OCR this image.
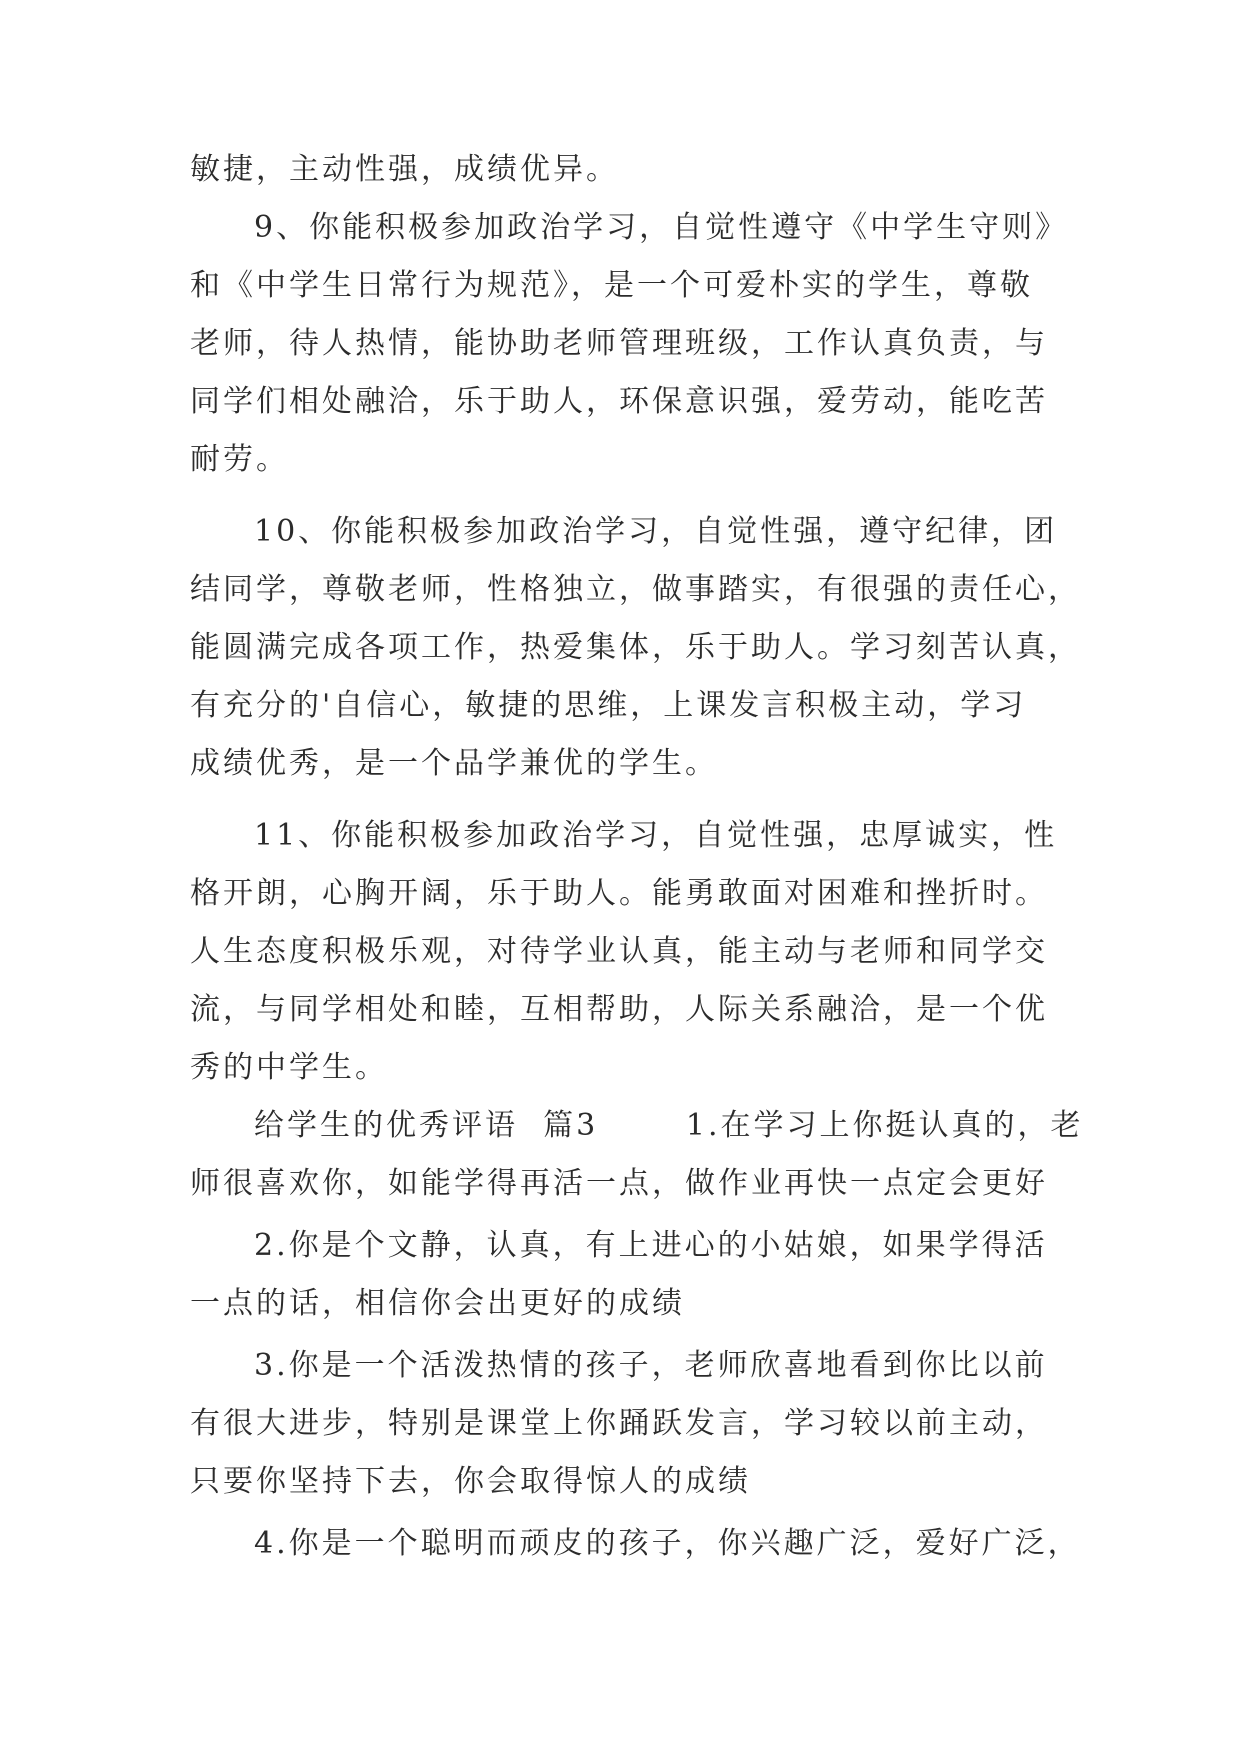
敏捷，主动性强，成绩优异。
9、你能积极参加政治学习，自觉性遵守《中学生守则》
和《中学生日常行为规范》，是一个可爱朴实的学生，尊敬
老师，待人热情，能协助老师管理班级，工作认真负责，与
同学们相处融洽，乐于助人，环保意识强，爱劳动，能吃苦
耐劳。
10、你能积极参加政治学习，自觉性强，遵守纪律，团
结同学，尊敬老师，性格独立，做事踏实，有很强的责任心，
能圆满完成各项工作，热爱集体，乐于助人。学习刻苦认真，
有充分的'自信心，敏捷的思维，上课发言积极主动，学习
成绩优秀，是一个品学兼优的学生。
11、你能积极参加政治学习，自觉性强，忠厚诚实，性
格开朗，心胸开阔，乐于助人。能勇敢面对困难和挫折时。
人生态度积极乐观，对待学业认真，能主动与老师和同学交
流，与同学相处和睦，互相帮助，人际关系融洽，是一个优
秀的中学生。
给学生的优秀评语  篇3       1.在学习上你挺认真的，老
师很喜欢你，如能学得再活一点，做作业再快一点定会更好
2.你是个文静，认真，有上进心的小姑娘，如果学得活
一点的话，相信你会出更好的成绩
3.你是一个活泼热情的孩子，老师欣喜地看到你比以前
有很大进步，特别是课堂上你踊跃发言，学习较以前主动，
只要你坚持下去，你会取得惊人的成绩
4.你是一个聪明而顽皮的孩子，你兴趣广泛，爱好广泛，
